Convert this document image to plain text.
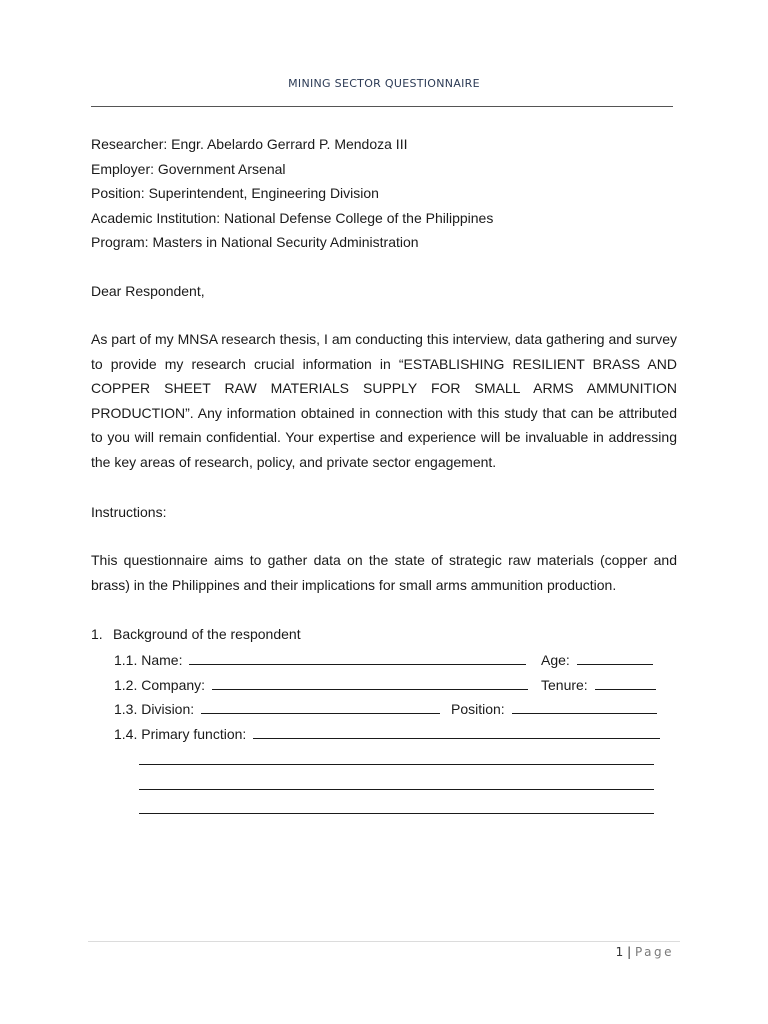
MINING SECTOR QUESTIONNAIRE
Researcher: Engr. Abelardo Gerrard P. Mendoza III
Employer: Government Arsenal
Position: Superintendent, Engineering Division
Academic Institution: National Defense College of the Philippines
Program: Masters in National Security Administration
Dear Respondent,
As part of my MNSA research thesis, I am conducting this interview, data gathering and survey to provide my research crucial information in “ESTABLISHING RESILIENT BRASS AND COPPER SHEET RAW MATERIALS SUPPLY FOR SMALL ARMS AMMUNITION PRODUCTION”. Any information obtained in connection with this study that can be attributed to you will remain confidential. Your expertise and experience will be invaluable in addressing the key areas of research, policy, and private sector engagement.
Instructions:
This questionnaire aims to gather data on the state of strategic raw materials (copper and brass) in the Philippines and their implications for small arms ammunition production.
1. Background of the respondent
1.1. Name:	Age:
1.2. Company:	Tenure:
1.3. Division:	Position:
1.4. Primary function:
1 | Page
